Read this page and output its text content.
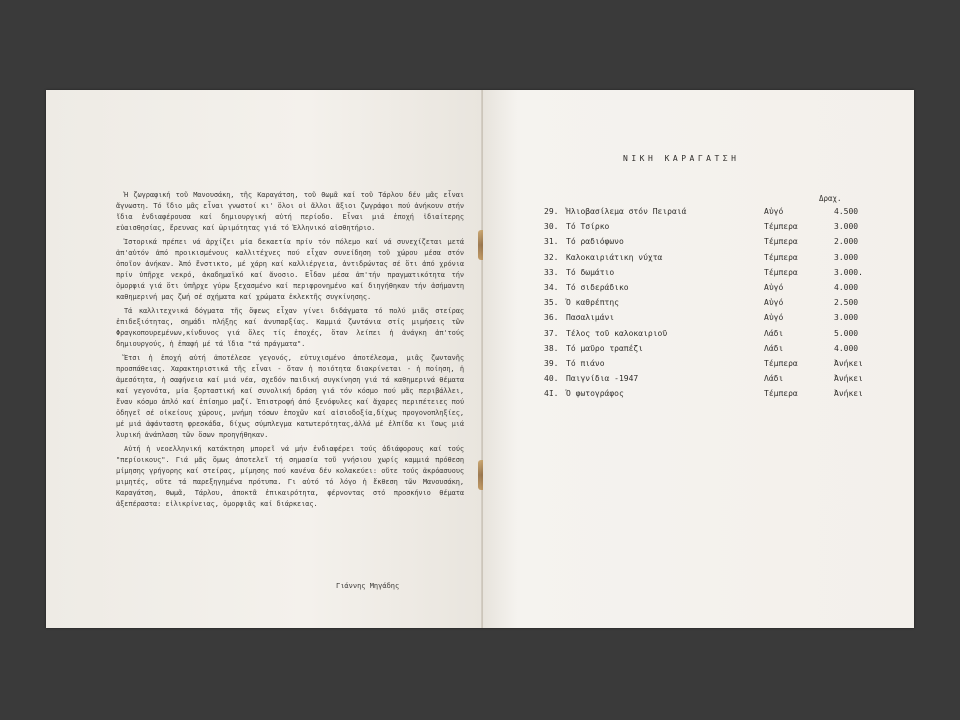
Ἡ ζωγραφική τοῦ Μανουσάκη, τῆς Καραγάτση, τοῦ Θωμᾶ καί τοῦ Τάρλου δέν μᾶς εἶναι ἄγνωστη. Τό ἴδιο μᾶς εἶναι γνωστοί κι' ὅλοι οἱ ἄλλοι ἄξιοι ζωγράφοι πού ἀνήκουν στήν ἴδια ἐνδιαφέρουσα καί δημιουργική αὐτή περίοδο. Εἶναι μιά ἐποχή ἰδιαίτερης εὐαισθησίας, ἔρευνας καί ὡριμότητας γιά τό Ἑλληνικό αἰσθητήριο.

Ἱστορικά πρέπει νά ἀρχίζει μία δεκαετία πρίν τόν πόλεμο καί νά συνεχίζεται μετά ἀπ'αὐτόν ἀπό προικισμένους καλλιτέχνες πού εἶχαν συνείδηση τοῦ χώρου μέσα στόν ὁποῖον ἀνήκαν. Ἀπό ἔνστικτο, μέ χάρη καί καλλιέργεια, ἀντιδρώντας σέ ὅτι ἀπό χρόνια πρίν ὑπῆρχε νεκρό, ἀκαδημαϊκό καί ἄνοσιο. Εἶδαν μέσα ἀπ'τήν πραγματικότητα τήν ὁμορφιά γιά ὅτι ὑπῆρχε γύρω ξεχασμένο καί περιφρονημένο καί διηγήθηκαν τήν ἀσήμαντη καθημερινή μας ζωή σέ σχήματα καί χρώματα ἐκλεκτῆς συγκίνησης.

Τά καλλιτεχνικά δόγματα τῆς ὄψεως εἶχαν γίνει διδάγματα τό πολύ μιᾶς στείρας ἐπιδεξιότητας, σημάδι πλήξης καί ἀνυπαρξίας. Καμμιά ζωντάνια στίς μιμήσεις τῶν Φραγκοπουρεμένων,κίνδυνος γιά ὅλες τίς ἐποχές, ὅταν λείπει ἡ ἀνάγκη ἀπ'τούς δημιουργούς, ἡ ἐπαφή μέ τά ἴδια "τά πράγματα".

Ἔτσι ἡ ἐποχή αὐτή ἀποτέλεσε γεγονός, εὐτυχισμένο ἀποτέλεσμα, μιᾶς ζωντανῆς προσπάθειας. Χαρακτηριστικά τῆς εἶναι - ὅταν ἡ ποιότητα διακρίνεται - ἡ ποίηση, ἡ ἀμεσότητα, ἡ σαφήνεια καί μιά νέα, σχεδόν παιδική συγκίνηση γιά τά καθημερινά θέματα καί γεγονότα, μία ξορταστική καί συνολική δράση γιά τόν κόσμο πού μᾶς περιβάλλει, ἕναν κόσμο ἁπλό καί ἐπίσημο μαζί. Ἐπιστροφή ἀπό ξενόφυλες καί ἄχαρες περιπέτειες πού ὁδηγεῖ σέ οἰκείους χώρους, μνήμη τόσων ἐποχῶν καί αἰσιοδοξία,δίχως προγονοπληξίες, μέ μιά ἀφάνταστη φρεσκάδα, δίχως σύμπλεγμα κατωτερότητας,ἀλλά μέ ἐλπίδα κι ἴσως μιά λυρική ἀνάπλαση τῶν ὅσων προηγήθηκαν.

Αὐτή ἡ νεοελληνική κατάκτηση μπορεῖ νά μήν ἐνδιαφέρει τούς ἀδιάφορους καί τούς "περίοικους". Γιά μᾶς ὅμως ἀποτελεῖ τή σημασία τοῦ γνήσιου χωρίς καμμιά πρόθεση μίμησης γρήγορης καί στείρας, μίμησης πού κανένα δέν κολακεύει: οὔτε τούς ἀκρόασυους μιμητές, οὔτε τά παρεξηγημένα πρότυπα. Γι αὐτό τό λόγο ἡ ἔκθεση τῶν Μανουσάκη, Καραγάτση, Θωμᾶ, Τάρλου, ἀποκτᾶ ἐπικαιρότητα, φέρνοντας στό προσκήνιο θέματα ἀξεπέραστα: εἰλικρίνειας, ὁμορφιᾶς καί διάρκειας.

Γιάννης Μηγάδης
ΝΙΚΗ ΚΑΡΑΓΑΤΣΗ
Δραχ.
29. Ἡλιοβασίλεμα στόν Πειραιά	Αὐγό	4.500
30. Τό Τσίρκο	Τέμπερα	3.000
31. Τό ραδιόφωνο	Τέμπερα	2.000
32. Καλοκαιριάτικη νύχτα	Τέμπερα	3.000
33. Τό δωμάτιο	Τέμπερα	3.000.
34. Τό σιδεράδικο	Αὐγό	4.000
35. Ὁ καθρέπτης	Αὐγό	2.500
36. Πασαλιμάνι	Αὐγό	3.000
37. Τέλος τοῦ καλοκαιριοῦ	Λάδι	5.000
38. Τό μαῦρο τραπέζι	Λάδι	4.000
39. Τό πιάνο	Τέμπερα	Ἀνήκει
40. Παιγνίδια -1947	Λάδι	Ἀνήκει
4I. Ὁ φωτογράφος	Τέμπερα	Ἀνήκει
